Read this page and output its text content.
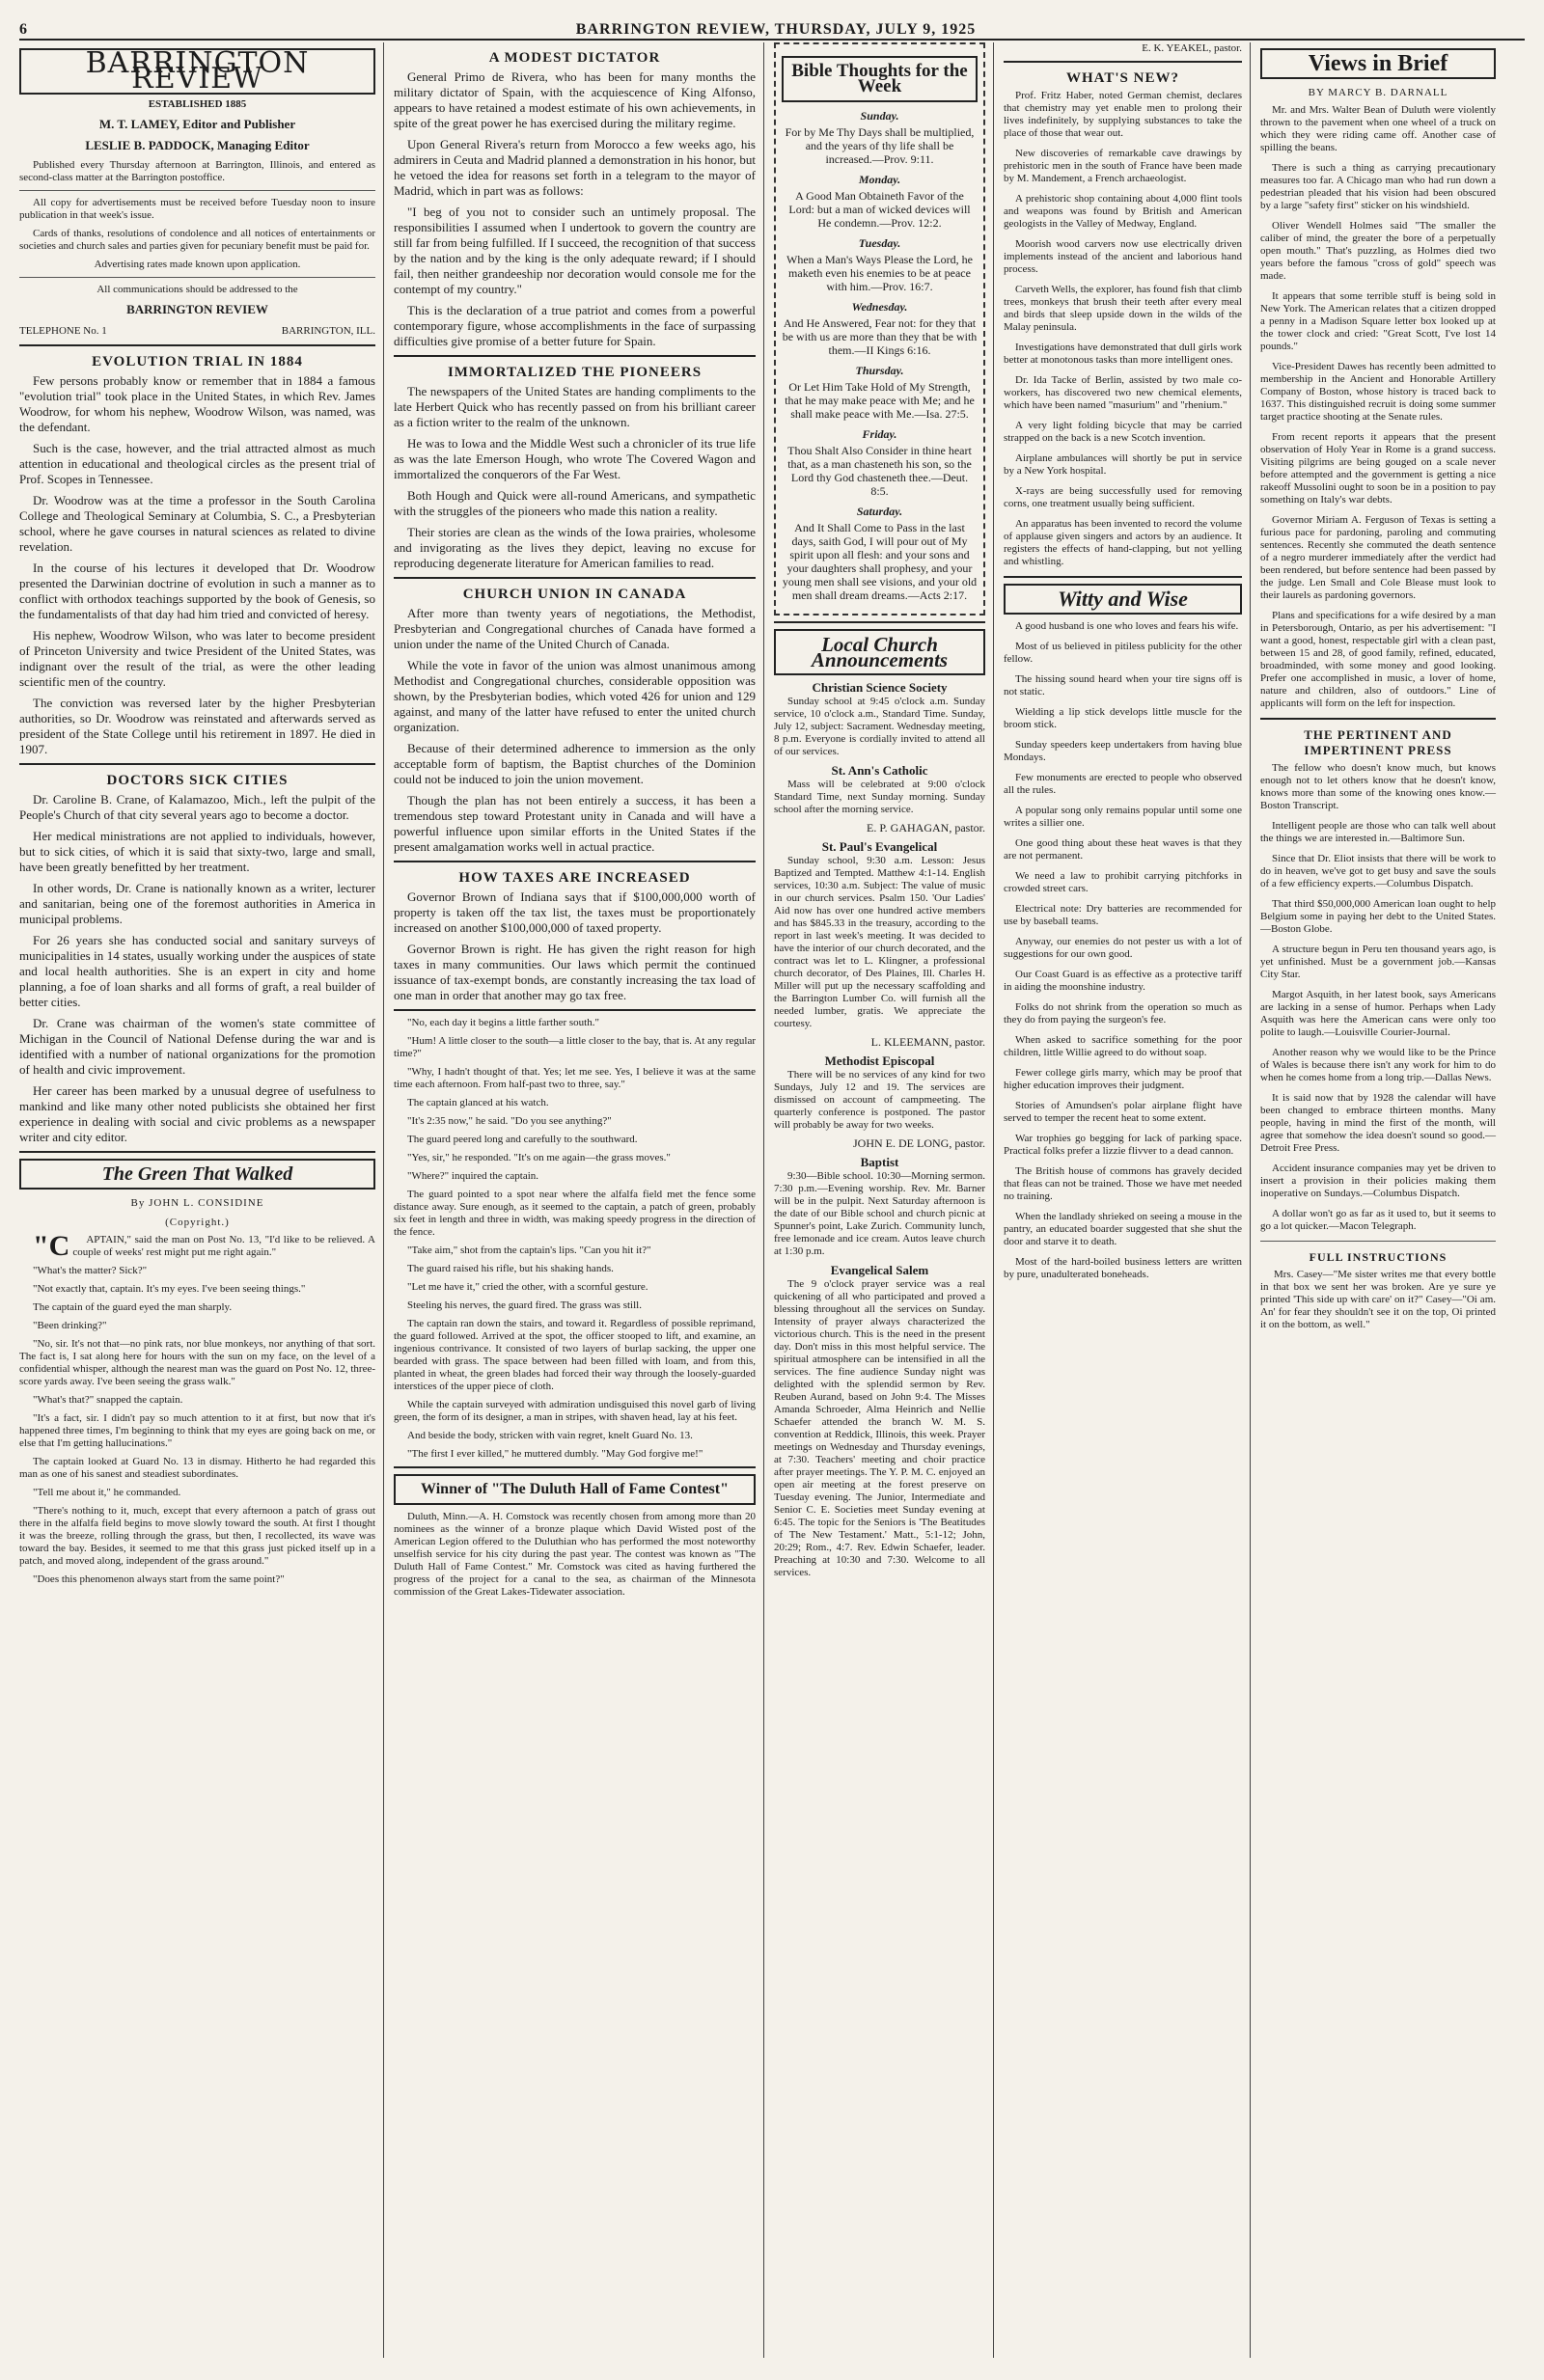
6	BARRINGTON REVIEW, THURSDAY, JULY 9, 1925
BARRINGTON REVIEW

ESTABLISHED 1885

M. T. LAMEY, Editor and Publisher

LESLIE B. PADDOCK, Managing Editor

Published every Thursday afternoon at Barrington, Illinois, and entered as second-class matter at the Barrington postoffice.

All copy for advertisements must be received before Tuesday noon to insure publication in that week's issue.

Cards of thanks, resolutions of condolence and all notices of entertainments or societies and church sales and parties given for pecuniary benefit must be paid for.

Advertising rates made known upon application.

All communications should be addressed to the

BARRINGTON REVIEW

TELEPHONE No. 1	BARRINGTON, ILL.
EVOLUTION TRIAL IN 1884

Few persons probably know or remember that in 1884 a famous "evolution trial" took place in the United States, in which Rev. James Woodrow, for whom his nephew, Woodrow Wilson, was named, was the defendant.

Such is the case, however, and the trial attracted almost as much attention in educational and theological circles as the present trial of Prof. Scopes in Tennessee.

Dr. Woodrow was at the time a professor in the South Carolina College and Theological Seminary at Columbia, S. C., a Presbyterian school, where he gave courses in natural sciences as related to divine revelation.

In the course of his lectures it developed that Dr. Woodrow presented the Darwinian doctrine of evolution in such a manner as to conflict with orthodox teachings supported by the book of Genesis, so the fundamentalists of that day had him tried and convicted of heresy.

His nephew, Woodrow Wilson, who was later to become president of Princeton University and twice President of the United States, was indignant over the result of the trial, as were the other leading scientific men of the country.

The conviction was reversed later by the higher Presbyterian authorities, so Dr. Woodrow was reinstated and afterwards served as president of the State College until his retirement in 1897. He died in 1907.

DOCTORS SICK CITIES

Dr. Caroline B. Crane, of Kalamazoo, Mich., left the pulpit of the People's Church of that city several years ago to become a doctor.

Her medical ministrations are not applied to individuals, however, but to sick cities, of which it is said that sixty-two, large and small, have been greatly benefitted by her treatment.

In other words, Dr. Crane is nationally known as a writer, lecturer and sanitarian, being one of the foremost authorities in America in municipal problems.

For 26 years she has conducted social and sanitary surveys of municipalities in 14 states, usually working under the auspices of state and local health authorities. She is an expert in city and home planning, a foe of loan sharks and all forms of graft, a real builder of better cities.

Dr. Crane was chairman of the women's state committee of Michigan in the Council of National Defense during the war and is identified with a number of national organizations for the promotion of health and civic improvement.

Her career has been marked by a unusual degree of usefulness to mankind and like many other noted publicists she obtained her first experience in dealing with social and civic problems as a newspaper writer and city editor.

The Green That Walked
By JOHN L. CONSIDINE
(Copyright.)

"CAPTAIN," said the man on Post No. 13, "I'd like to be relieved. A couple of weeks' rest might put me right again."

"What's the matter? Sick?"

"Not exactly that, captain. It's my eyes. I've been seeing things."

The captain of the guard eyed the man sharply.

"Been drinking?"

"No, sir. It's not that—no pink rats, nor blue monkeys, nor anything of that sort. The fact is, I sat along here for hours with the sun on my face, on the level of a confidential whisper, although the nearest man was the guard on Post No. 12, three-score yards away. I've been seeing the grass walk."

"What's that?" snapped the captain.

"It's a fact, sir. I didn't pay so much attention to it at first, but now that it's happened three times, I'm beginning to think that my eyes are going back on me, or else that I'm getting hallucinations."

The captain looked at Guard No. 13 in dismay. Hitherto he had regarded this man as one of his sanest and steadiest subordinates.

"Tell me about it," he commanded.

"There's nothing to it, much, except that every afternoon a patch of grass out there in the alfalfa field begins to move slowly toward the south. At first I thought it was the breeze, rolling through the grass, but then, I recollected, its wave was toward the bay. Besides, it seemed to me that this grass just picked itself up in a patch, and moved along, independent of the grass around."

"Does this phenomenon always start from the same point?"

A MODEST DICTATOR

General Primo de Rivera, who has been for many months the military dictator of Spain, with the acquiescence of King Alfonso, appears to have retained a modest estimate of his own achievements, in spite of the great power he has exercised during the military regime.

Upon General Rivera's return from Morocco a few weeks ago, his admirers in Ceuta and Madrid planned a demonstration in his honor, but he vetoed the idea for reasons set forth in a telegram to the mayor of Madrid, which in part was as follows:

"I beg of you not to consider such an untimely proposal. The responsibilities I assumed when I undertook to govern the country are still far from being fulfilled. If I succeed, the recognition of that success by the nation and by the king is the only adequate reward; if I should fail, then neither grandeeship nor decoration would console me for the contempt of my country."

This is the declaration of a true patriot and comes from a powerful contemporary figure, whose accomplishments in the face of surpassing difficulties give promise of a better future for Spain.

IMMORTALIZED THE PIONEERS

The newspapers of the United States are handing compliments to the late Herbert Quick who has recently passed on from his brilliant career as a fiction writer to the realm of the unknown.

He was to Iowa and the Middle West such a chronicler of its true life as was the late Emerson Hough, who wrote The Covered Wagon and immortalized the conquerors of the Far West.

Both Hough and Quick were all-round Americans, and sympathetic with the struggles of the pioneers who made this nation a reality.

Their stories are clean as the winds of the Iowa prairies, wholesome and invigorating as the lives they depict, leaving no excuse for reproducing degenerate literature for American families to read.

CHURCH UNION IN CANADA

After more than twenty years of negotiations, the Methodist, Presbyterian and Congregational churches of Canada have formed a union under the name of the United Church of Canada.

While the vote in favor of the union was almost unanimous among Methodist and Congregational churches, considerable opposition was shown, by the Presbyterian bodies, which voted 426 for union and 129 against, and many of the latter have refused to enter the united church organization.

Because of their determined adherence to immersion as the only acceptable form of baptism, the Baptist churches of the Dominion could not be induced to join the union movement.

Though the plan has not been entirely a success, it has been a tremendous step toward Protestant unity in Canada and will have a powerful influence upon similar efforts in the United States if the present amalgamation works well in actual practice.

HOW TAXES ARE INCREASED

Governor Brown of Indiana says that if $100,000,000 worth of property is taken off the tax list, the taxes must be proportionately increased on another $100,000,000 of taxed property.

Governor Brown is right. He has given the right reason for high taxes in many communities. Our laws which permit the continued issuance of tax-exempt bonds, are constantly increasing the tax load of one man in order that another may go tax free.

"No, each day it begins a little farther south."

"Hum! A little closer to the south—a little closer to the bay, that is. At any regular time?"

"Why, I hadn't thought of that. Yes; let me see. Yes, I believe it was at the same time each afternoon. From half-past two to three, say."

The captain glanced at his watch.

"It's 2:35 now," he said. "Do you see anything?"

The guard peered long and carefully to the southward.

"Yes, sir," he responded. "It's on me again—the grass moves."

"Where?" inquired the captain.

The guard pointed to a spot near where the alfalfa field met the fence some distance away. Sure enough, as it seemed to the captain, a patch of green, probably six feet in length and three in width, was making speedy progress in the direction of the fence.

"Take aim," shot from the captain's lips. "Can you hit it?"

The guard raised his rifle, but his shaking hands.

"Let me have it," cried the other, with a scornful gesture.

Steeling his nerves, the guard fired. The grass was still.

The captain ran down the stairs, and toward it. Regardless of possible reprimand, the guard followed. Arrived at the spot, the officer stooped to lift, and examine, an ingenious contrivance. It consisted of two layers of burlap sacking, the upper one bearded with grass. The space between had been filled with loam, and from this, planted in wheat, the green blades had forced their way through the loosely-guarded interstices of the upper piece of cloth.

While the captain surveyed with admiration undisguised this novel garb of living green, the form of its designer, a man in stripes, with shaven head, lay at his feet.

And beside the body, stricken with vain regret, knelt Guard No. 13.

"The first I ever killed," he muttered dumbly. "May God forgive me!"

Winner of "The Duluth Hall of Fame Contest"

Duluth, Minn.—A. H. Comstock was recently chosen from among more than 20 nominees as the winner of a bronze plaque which David Wisted post of the American Legion offered to the Duluthian who has performed the most noteworthy unselfish service for his city during the past year. The contest was known as "The Duluth Hall of Fame Contest." Mr. Comstock was cited as having furthered the progress of the project for a canal to the sea, as chairman of the Minnesota commission of the Great Lakes-Tidewater association.

Bible Thoughts for the Week
Sunday.

For by Me Thy Days shall be multiplied, and the years of thy life shall be increased.—Prov. 9:11.

Monday.

A Good Man Obtaineth Favor of the Lord: but a man of wicked devices will He condemn.—Prov. 12:2.

Tuesday.

When a Man's Ways Please the Lord, he maketh even his enemies to be at peace with him.—Prov. 16:7.

Wednesday.

And He Answered, Fear not: for they that be with us are more than they that be with them.—II Kings 6:16.

Thursday.

Or Let Him Take Hold of My Strength, that he may make peace with Me; and he shall make peace with Me.—Isa. 27:5.

Friday.

Thou Shalt Also Consider in thine heart that, as a man chasteneth his son, so the Lord thy God chasteneth thee.—Deut. 8:5.

Saturday.

And It Shall Come to Pass in the last days, saith God, I will pour out of My spirit upon all flesh: and your sons and your daughters shall prophesy, and your young men shall see visions, and your old men shall dream dreams.—Acts 2:17.

Local Church Announcements
Christian Science Society

Sunday school at 9:45 o'clock a.m. Sunday service, 10 o'clock a.m., Standard Time. Sunday, July 12, subject: Sacrament. Wednesday meeting, 8 p.m. Everyone is cordially invited to attend all of our services.

St. Ann's Catholic

Mass will be celebrated at 9:00 o'clock Standard Time, next Sunday morning. Sunday school after the morning service.

E. P. GAHAGAN, pastor.
St. Paul's Evangelical

Sunday school, 9:30 a.m. Lesson: Jesus Baptized and Tempted. Matthew 4:1-14. English services, 10:30 a.m. Subject: The value of music in our church services. Psalm 150. 'Our Ladies' Aid now has over one hundred active members and has $845.33 in the treasury, according to the report in last week's meeting. It was decided to have the interior of our church decorated, and the contract was let to L. Klingner, a professional church decorator, of Des Plaines, Ill. Charles H. Miller will put up the necessary scaffolding and the Barrington Lumber Co. will furnish all the needed lumber, gratis. We appreciate the courtesy.

L. KLEEMANN, pastor.
Methodist Episcopal

There will be no services of any kind for two Sundays, July 12 and 19. The services are dismissed on account of campmeeting. The quarterly conference is postponed. The pastor will probably be away for two weeks.

JOHN E. DE LONG, pastor.
Baptist

9:30—Bible school. 10:30—Morning sermon. 7:30 p.m.—Evening worship. Rev. Mr. Barner will be in the pulpit. Next Saturday afternoon is the date of our Bible school and church picnic at Spunner's point, Lake Zurich. Community lunch, free lemonade and ice cream. Autos leave church at 1:30 p.m.

Evangelical Salem

The 9 o'clock prayer service was a real quickening of all who participated and proved a blessing throughout all the services on Sunday. Intensity of prayer always characterized the victorious church. This is the need in the present day. Don't miss in this most helpful service. The spiritual atmosphere can be intensified in all the services. The fine audience Sunday night was delighted with the splendid sermon by Rev. Reuben Aurand, based on John 9:4. The Misses Amanda Schroeder, Alma Heinrich and Nellie Schaefer attended the branch W. M. S. convention at Reddick, Illinois, this week. Prayer meetings on Wednesday and Thursday evenings, at 7:30. Teachers' meeting and choir practice after prayer meetings. The Y. P. M. C. enjoyed an open air meeting at the forest preserve on Tuesday evening. The Junior, Intermediate and Senior C. E. Societies meet Sunday evening at 6:45. The topic for the Seniors is 'The Beatitudes of The New Testament.' Matt., 5:1-12; John, 20:29; Rom., 4:7. Rev. Edwin Schaefer, leader. Preaching at 10:30 and 7:30. Welcome to all services.

E. K. YEAKEL, pastor.

WHAT'S NEW?

Prof. Fritz Haber, noted German chemist, declares that chemistry may yet enable men to prolong their lives indefinitely, by supplying substances to take the place of those that wear out.

New discoveries of remarkable cave drawings by prehistoric men in the south of France have been made by M. Mandement, a French archaeologist.

A prehistoric shop containing about 4,000 flint tools and weapons was found by British and American geologists in the Valley of Medway, England.

Moorish wood carvers now use electrically driven implements instead of the ancient and laborious hand process.

Carveth Wells, the explorer, has found fish that climb trees, monkeys that brush their teeth after every meal and birds that sleep upside down in the wilds of the Malay peninsula.

Investigations have demonstrated that dull girls work better at monotonous tasks than more intelligent ones.

Dr. Ida Tacke of Berlin, assisted by two male co-workers, has discovered two new chemical elements, which have been named "masurium" and "rhenium."

A very light folding bicycle that may be carried strapped on the back is a new Scotch invention.

Airplane ambulances will shortly be put in service by a New York hospital.

X-rays are being successfully used for removing corns, one treatment usually being sufficient.

An apparatus has been invented to record the volume of applause given singers and actors by an audience. It registers the effects of hand-clapping, but not yelling and whistling.

Witty and Wise

A good husband is one who loves and fears his wife.

Most of us believed in pitiless publicity for the other fellow.

The hissing sound heard when your tire signs off is not static.

Wielding a lip stick develops little muscle for the broom stick.

Sunday speeders keep undertakers from having blue Mondays.

Few monuments are erected to people who observed all the rules.

A popular song only remains popular until some one writes a sillier one.

One good thing about these heat waves is that they are not permanent.

We need a law to prohibit carrying pitchforks in crowded street cars.

Electrical note: Dry batteries are recommended for use by baseball teams.

Anyway, our enemies do not pester us with a lot of suggestions for our own good.

Our Coast Guard is as effective as a protective tariff in aiding the moonshine industry.

Folks do not shrink from the operation so much as they do from paying the surgeon's fee.

When asked to sacrifice something for the poor children, little Willie agreed to do without soap.

Fewer college girls marry, which may be proof that higher education improves their judgment.

Stories of Amundsen's polar airplane flight have served to temper the recent heat to some extent.

War trophies go begging for lack of parking space. Practical folks prefer a lizzie flivver to a dead cannon.

The British house of commons has gravely decided that fleas can not be trained. Those we have met needed no training.

When the landlady shrieked on seeing a mouse in the pantry, an educated boarder suggested that she shut the door and starve it to death.

Most of the hard-boiled business letters are written by pure, unadulterated boneheads.

Views in Brief
BY MARCY B. DARNALL

Mr. and Mrs. Walter Bean of Duluth were violently thrown to the pavement when one wheel of a truck on which they were riding came off. Another case of spilling the beans.

There is such a thing as carrying precautionary measures too far. A Chicago man who had run down a pedestrian pleaded that his vision had been obscured by a large "safety first" sticker on his windshield.

Oliver Wendell Holmes said "The smaller the caliber of mind, the greater the bore of a perpetually open mouth." That's puzzling, as Holmes died two years before the famous "cross of gold" speech was made.

It appears that some terrible stuff is being sold in New York. The American relates that a citizen dropped a penny in a Madison Square letter box looked up at the tower clock and cried: "Great Scott, I've lost 14 pounds."

Vice-President Dawes has recently been admitted to membership in the Ancient and Honorable Artillery Company of Boston, whose history is traced back to 1637. This distinguished recruit is doing some summer target practice shooting at the Senate rules.

From recent reports it appears that the present observation of Holy Year in Rome is a grand success. Visiting pilgrims are being gouged on a scale never before attempted and the government is getting a nice rakeoff Mussolini ought to soon be in a position to pay something on Italy's war debts.

Governor Miriam A. Ferguson of Texas is setting a furious pace for pardoning, paroling and commuting sentences. Recently she commuted the death sentence of a negro murderer immediately after the verdict had been rendered, but before sentence had been passed by the judge. Len Small and Cole Blease must look to their laurels as pardoning governors.

Plans and specifications for a wife desired by a man in Petersborough, Ontario, as per his advertisement: "I want a good, honest, respectable girl with a clean past, between 15 and 28, of good family, refined, educated, broadminded, with some money and good looking. Prefer one accomplished in music, a lover of home, nature and children, also of outdoors." Line of applicants will form on the left for inspection.

THE PERTINENT AND IMPERTINENT PRESS

The fellow who doesn't know much, but knows enough not to let others know that he doesn't know, knows more than some of the knowing ones know.—Boston Transcript.

Intelligent people are those who can talk well about the things we are interested in.—Baltimore Sun.

Since that Dr. Eliot insists that there will be work to do in heaven, we've got to get busy and save the souls of a few efficiency experts.—Columbus Dispatch.

That third $50,000,000 American loan ought to help Belgium some in paying her debt to the United States.—Boston Globe.

A structure begun in Peru ten thousand years ago, is yet unfinished. Must be a government job.—Kansas City Star.

Margot Asquith, in her latest book, says Americans are lacking in a sense of humor. Perhaps when Lady Asquith was here the American cans were only too polite to laugh.—Louisville Courier-Journal.

Another reason why we would like to be the Prince of Wales is because there isn't any work for him to do when he comes home from a long trip.—Dallas News.

It is said now that by 1928 the calendar will have been changed to embrace thirteen months. Many people, having in mind the first of the month, will agree that somehow the idea doesn't sound so good.—Detroit Free Press.

Accident insurance companies may yet be driven to insert a provision in their policies making them inoperative on Sundays.—Columbus Dispatch.

A dollar won't go as far as it used to, but it seems to go a lot quicker.—Macon Telegraph.

FULL INSTRUCTIONS

Mrs. Casey—"Me sister writes me that every bottle in that box we sent her was broken. Are ye sure ye printed 'This side up with care' on it?" Casey—"Oi am. An' for fear they shouldn't see it on the top, Oi printed it on the bottom, as well."
